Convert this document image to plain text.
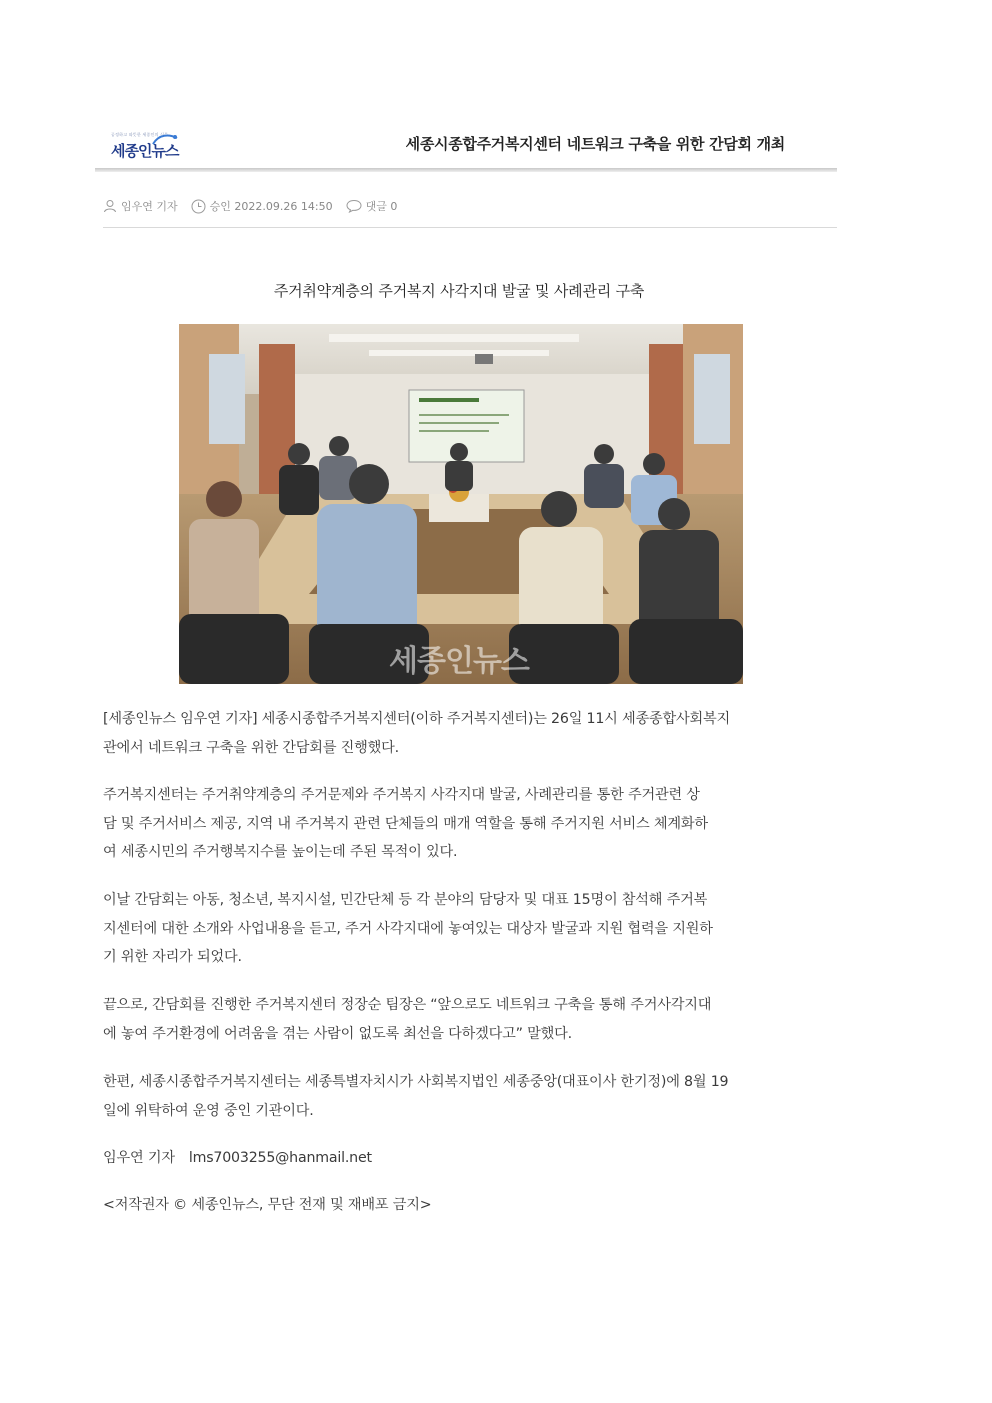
공정하고 따뜻한 세종인의 신문
세종인뉴스	세종시종합주거복지센터 네트워크 구축을 위한 간담회 개최
임우연 기자	승인 2022.09.26 14:50	댓글 0
주거취약계층의 주거복지 사각지대 발굴 및 사례관리 구축
세종인뉴스

[세종인뉴스 임우연 기자] 세종시종합주거복지센터(이하 주거복지센터)는 26일 11시 세종종합사회복지
관에서 네트워크 구축을 위한 간담회를 진행했다.

주거복지센터는 주거취약계층의 주거문제와 주거복지 사각지대 발굴, 사례관리를 통한 주거관련 상
담 및 주거서비스 제공, 지역 내 주거복지 관련 단체들의 매개 역할을 통해 주거지원 서비스 체계화하
여 세종시민의 주거행복지수를 높이는데 주된 목적이 있다.

이날 간담회는 아동, 청소년, 복지시설, 민간단체 등 각 분야의 담당자 및 대표 15명이 참석해 주거복
지센터에 대한 소개와 사업내용을 듣고, 주거 사각지대에 놓여있는 대상자 발굴과 지원 협력을 지원하
기 위한 자리가 되었다.

끝으로, 간담회를 진행한 주거복지센터 정장순 팀장은 “앞으로도 네트워크 구축을 통해 주거사각지대
에 놓여 주거환경에 어려움을 겪는 사람이 없도록 최선을 다하겠다고” 말했다.

한편, 세종시종합주거복지센터는 세종특별자치시가 사회복지법인 세종중앙(대표이사 한기정)에 8월 19
일에 위탁하여 운영 중인 기관이다.

임우연 기자 lms7003255@hanmail.net

<저작권자 © 세종인뉴스, 무단 전재 및 재배포 금지>
